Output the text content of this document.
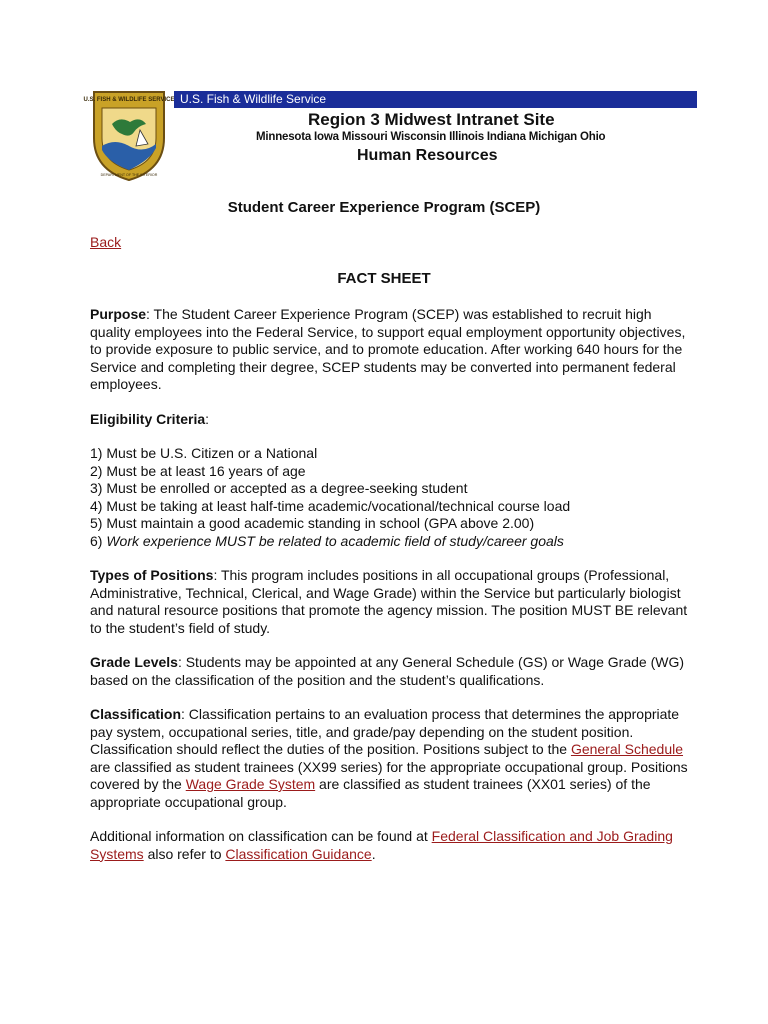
U.S. FISH & WILDLIFE SERVICE
DEPARTMENT OF THE INTERIOR
U.S. Fish & Wildlife Service
Region 3 Midwest Intranet Site
Minnesota Iowa Missouri Wisconsin Illinois Indiana Michigan Ohio
Human Resources
Student Career Experience Program (SCEP)
Back
FACT SHEET

Purpose: The Student Career Experience Program (SCEP) was established to recruit high quality employees into the Federal Service, to support equal employment opportunity objectives, to provide exposure to public service, and to promote education. After working 640 hours for the Service and completing their degree, SCEP students may be converted into permanent federal employees.

Eligibility Criteria:

1) Must be U.S. Citizen or a National
2) Must be at least 16 years of age
3) Must be enrolled or accepted as a degree-seeking student
4) Must be taking at least half-time academic/vocational/technical course load
5) Must maintain a good academic standing in school (GPA above 2.00)
6) Work experience MUST be related to academic field of study/career goals

Types of Positions: This program includes positions in all occupational groups (Professional, Administrative, Technical, Clerical, and Wage Grade) within the Service but particularly biologist and natural resource positions that promote the agency mission. The position MUST BE relevant to the student’s field of study.

Grade Levels: Students may be appointed at any General Schedule (GS) or Wage Grade (WG) based on the classification of the position and the student’s qualifications.

Classification: Classification pertains to an evaluation process that determines the appropriate pay system, occupational series, title, and grade/pay depending on the student position. Classification should reflect the duties of the position. Positions subject to the General Schedule are classified as student trainees (XX99 series) for the appropriate occupational group. Positions covered by the Wage Grade System are classified as student trainees (XX01 series) of the appropriate occupational group.

Additional information on classification can be found at Federal Classification and Job Grading Systems also refer to Classification Guidance.
